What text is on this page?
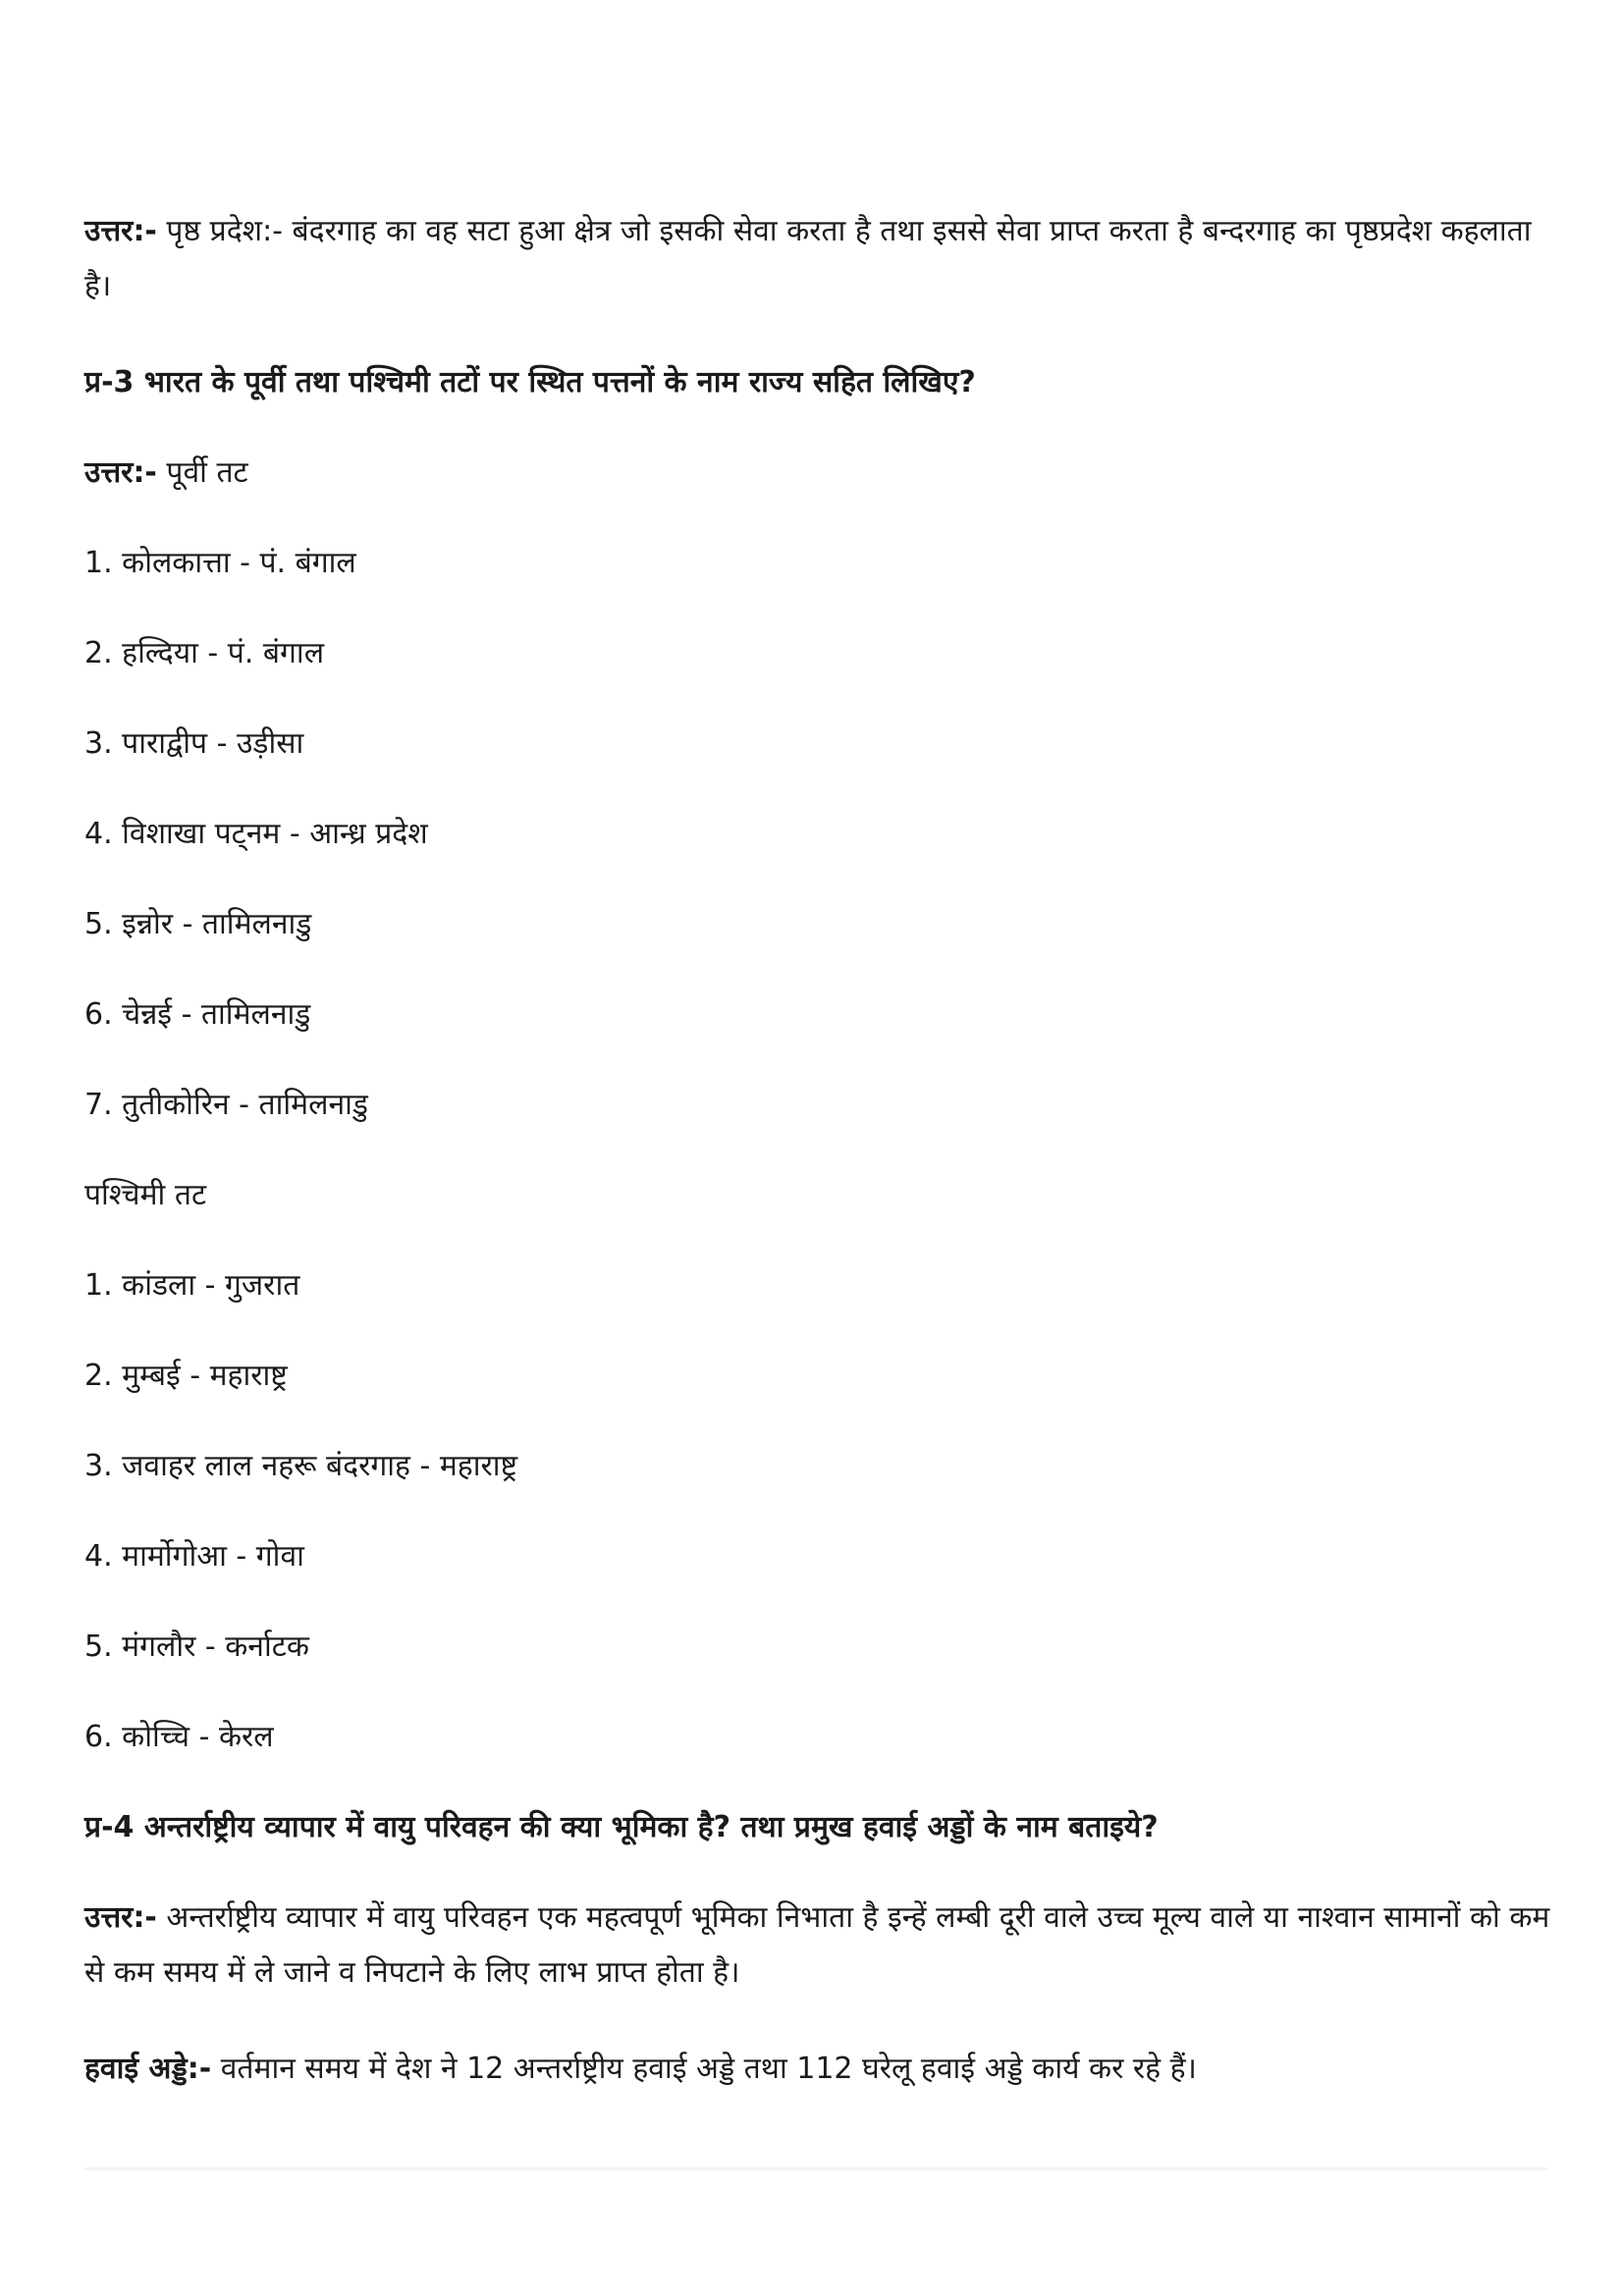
उत्तर:- पृष्ठ प्रदेश:- बंदरगाह का वह सटा हुआ क्षेत्र जो इसकी सेवा करता है तथा इससे सेवा प्राप्त करता है बन्दरगाह का पृष्ठप्रदेश कहलाता है।
प्र-3 भारत के पूर्वी तथा पश्चिमी तटों पर स्थित पत्तनों के नाम राज्य सहित लिखिए?
उत्तर:- पूर्वी तट
1. कोलकात्ता - पं. बंगाल
2. हल्दिया - पं. बंगाल
3. पाराद्वीप - उड़ीसा
4. विशाखा पट्नम - आन्ध्र प्रदेश
5. इन्नोर - तामिलनाडु
6. चेन्नई - तामिलनाडु
7. तुतीकोरिन - तामिलनाडु
पश्चिमी तट
1. कांडला - गुजरात
2. मुम्बई - महाराष्ट्र
3. जवाहर लाल नहरू बंदरगाह - महाराष्ट्र
4. मार्मोगोआ - गोवा
5. मंगलौर - कर्नाटक
6. कोच्चि - केरल
प्र-4 अन्तर्राष्ट्रीय व्यापार में वायु परिवहन की क्या भूमिका है? तथा प्रमुख हवाई अड्डों के नाम बताइये?
उत्तर:- अन्तर्राष्ट्रीय व्यापार में वायु परिवहन एक महत्वपूर्ण भूमिका निभाता है इन्हें लम्बी दूरी वाले उच्च मूल्य वाले या नाश्वान सामानों को कम से कम समय में ले जाने व निपटाने के लिए लाभ प्राप्त होता है।
हवाई अड्डे:- वर्तमान समय में देश ने 12 अन्तर्राष्ट्रीय हवाई अड्डे तथा 112 घरेलू हवाई अड्डे कार्य कर रहे हैं।
